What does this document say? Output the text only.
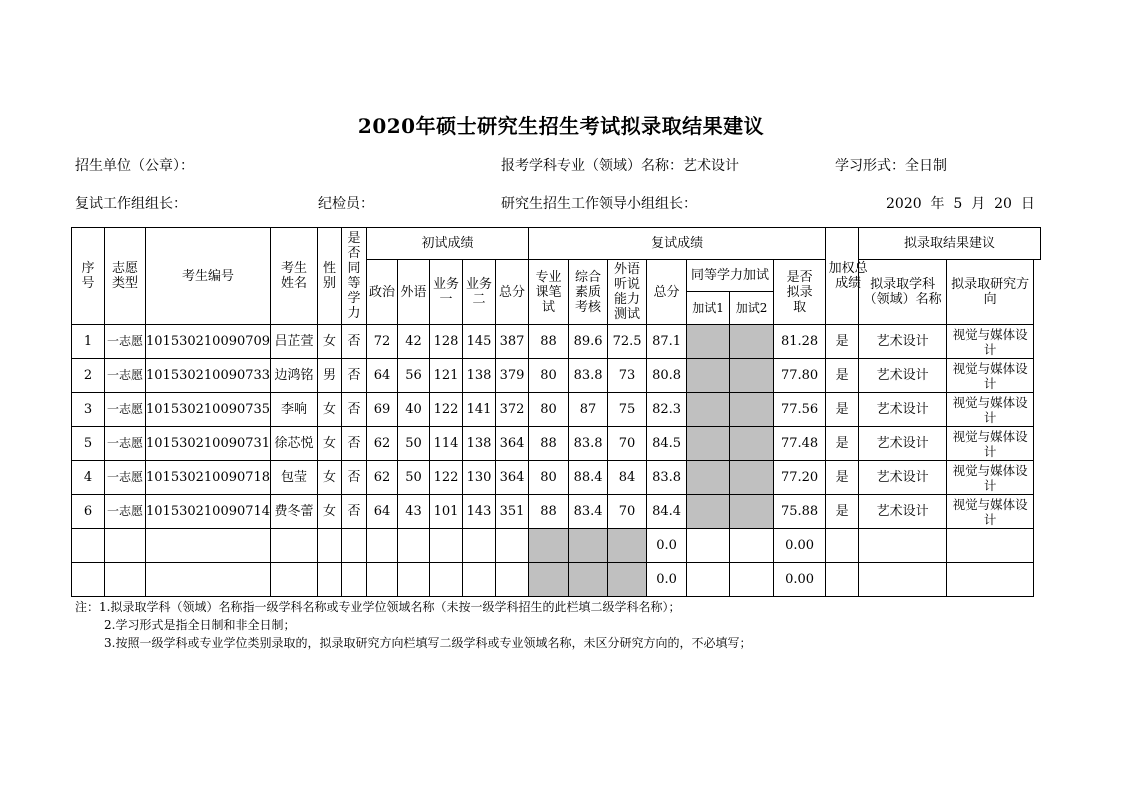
2020年硕士研究生招生考试拟录取结果建议
招生单位（公章）：	报考学科专业（领域）名称：艺术设计	学习形式：全日制
复试工作组组长：	纪检员：	研究生招生工作领导小组组长：	2020  年  5  月  20  日
序号	志愿类型	考生编号	考生姓名	性别	是否同等学力	初试成绩					复试成绩							加权总成绩	拟录取结果建议	
						政治	外语	业务一	业务二	总分	专业课笔试	综合素质考核	外语听说能力测试	总分	同等学力加试		是否拟录取		拟录取学科（领域）名称	拟录取研究方向

															加试1	加试2				
1	一志愿	101530210090709	吕芷萱	女	否	72	42	128	145	387	88	89.6	72.5	87.1			81.28	是	艺术设计	视觉与媒体设计
2	一志愿	101530210090733	边鸿铭	男	否	64	56	121	138	379	80	83.8	73	80.8			77.80	是	艺术设计	视觉与媒体设计
3	一志愿	101530210090735	李响	女	否	69	40	122	141	372	80	87	75	82.3			77.56	是	艺术设计	视觉与媒体设计
5	一志愿	101530210090731	徐芯悦	女	否	62	50	114	138	364	88	83.8	70	84.5			77.48	是	艺术设计	视觉与媒体设计
4	一志愿	101530210090718	包莹	女	否	62	50	122	130	364	80	88.4	84	83.8			77.20	是	艺术设计	视觉与媒体设计
6	一志愿	101530210090714	费冬蕾	女	否	64	43	101	143	351	88	83.4	70	84.4			75.88	是	艺术设计	视觉与媒体设计
														0.0			0.00			
														0.0			0.00			
注：1.拟录取学科（领域）名称指一级学科名称或专业学位领域名称（未按一级学科招生的此栏填二级学科名称）；
2.学习形式是指全日制和非全日制；
3.按照一级学科或专业学位类别录取的，拟录取研究方向栏填写二级学科或专业领域名称，未区分研究方向的，不必填写；
